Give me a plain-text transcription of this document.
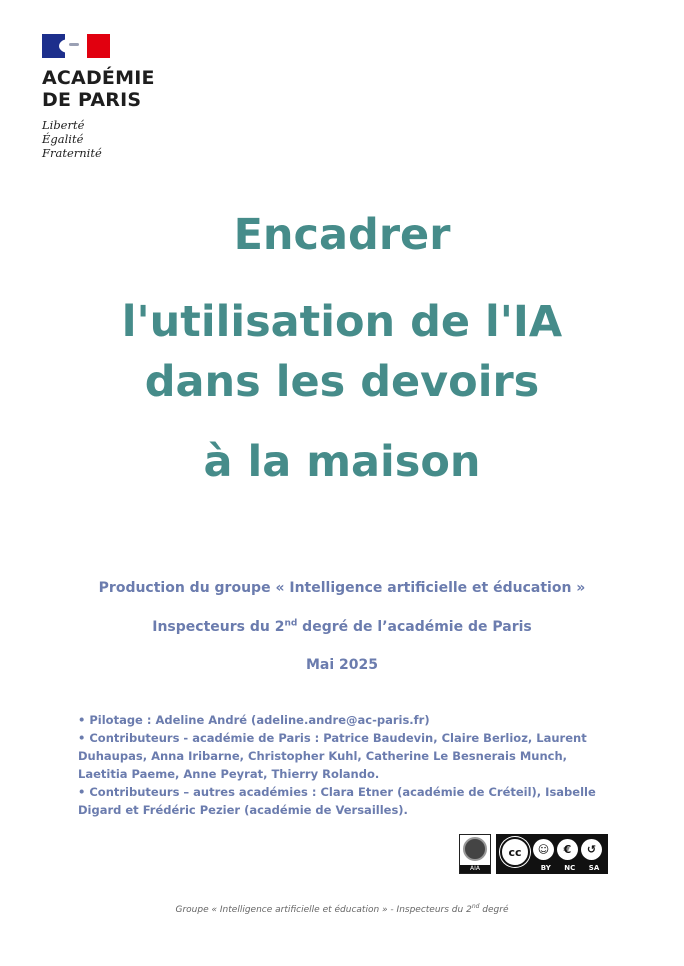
ACADÉMIE
DE PARIS
Liberté
Égalité
Fraternité
Encadrer
l'utilisation de l'IA
dans les devoirs
à la maison
Production du groupe « Intelligence artificielle et éducation »
Inspecteurs du 2nd degré de l’académie de Paris
Mai 2025

• Pilotage : Adeline André (adeline.andre@ac-paris.fr)

• Contributeurs - académie de Paris : Patrice Baudevin, Claire Berlioz, Laurent Duhaupas, Anna Iribarne, Christopher Kuhl, Catherine Le Besnerais Munch, Laetitia Paeme, Anne Peyrat, Thierry Rolando.

• Contributeurs – autres académies : Clara Etner (académie de Créteil), Isabelle Digard et Frédéric Pezier (académie de Versailles).

AIA
cc	☺	€	↺
BY NC SA
Groupe « Intelligence artificielle et éducation » - Inspecteurs du 2nd degré
